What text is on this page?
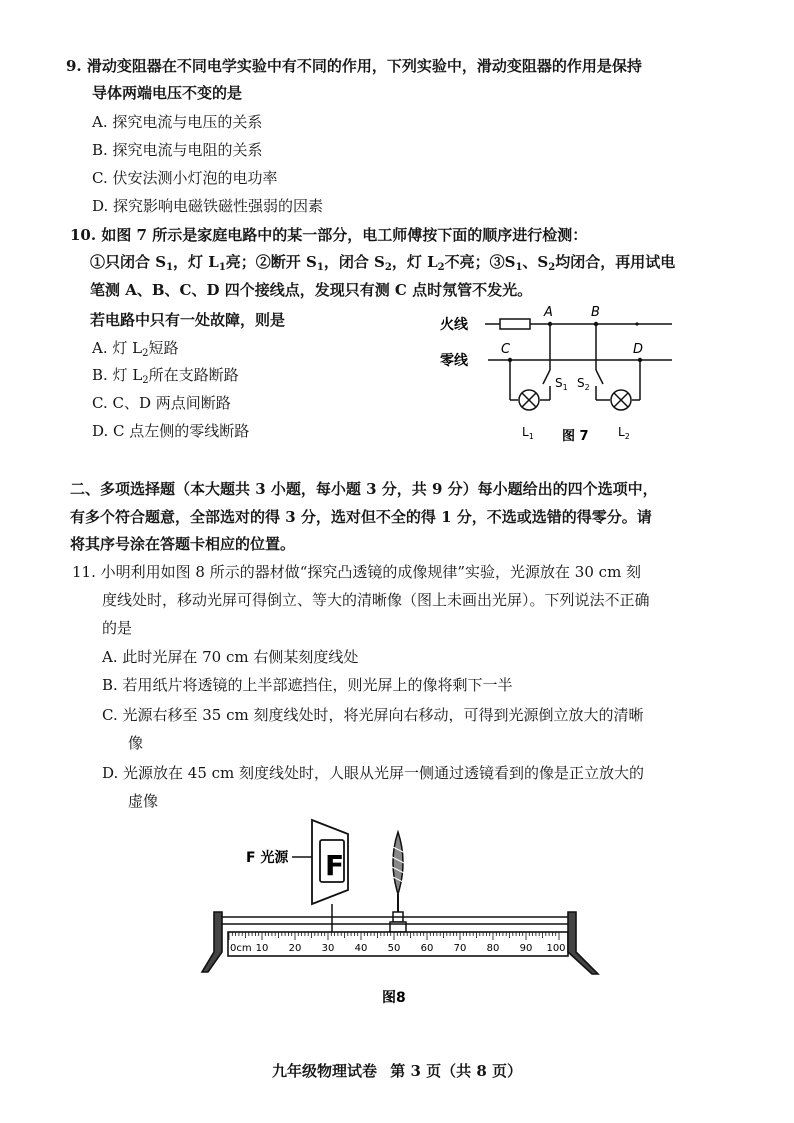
9. 滑动变阻器在不同电学实验中有不同的作用，下列实验中，滑动变阻器的作用是保持
导体两端电压不变的是
A. 探究电流与电压的关系
B. 探究电流与电阻的关系
C. 伏安法测小灯泡的电功率
D. 探究影响电磁铁磁性强弱的因素
10. 如图 7 所示是家庭电路中的某一部分，电工师傅按下面的顺序进行检测：
①只闭合 $S_1$，灯 $L_1$亮；②断开 $S_1$，闭合 $S_2$，灯 $L_2$不亮；$③S_1$、$S_2$均闭合，再用试电
笔测 A、B、C、D 四个接线点，发现只有测 C 点时氖管不发光。
若电路中只有一处故障，则是
A. 灯 $L_2$短路
B. 灯 $L_2$所在支路断路
C. C、D 两点间断路
D. C 点左侧的零线断路
火线
零线
A	B
C	D
$S_1$ $S_2$
$L_1$	$L_2$
图 7
二、多项选择题（本大题共 3 小题，每小题 3 分，共 9 分）每小题给出的四个选项中，
有多个符合题意，全部选对的得 3 分，选对但不全的得 1 分，不选或选错的得零分。请
将其序号涂在答题卡相应的位置。
11. 小明利用如图 8 所示的器材做“探究凸透镜的成像规律”实验，光源放在 30 cm 刻
度线处时，移动光屏可得倒立、等大的清晰像（图上未画出光屏）。下列说法不正确
的是
A. 此时光屏在 70 cm 右侧某刻度线处
B. 若用纸片将透镜的上半部遮挡住，则光屏上的像将剩下一半
C. 光源右移至 35 cm 刻度线处时，将光屏向右移动，可得到光源倒立放大的清晰
像
D. 光源放在 45 cm 刻度线处时，人眼从光屏一侧通过透镜看到的像是正立放大的
虚像
F 光源 F
0cm 10 20 30 40 50 60 70 80 90 100
图8
九年级物理试卷 第 3 页（共 8 页）
